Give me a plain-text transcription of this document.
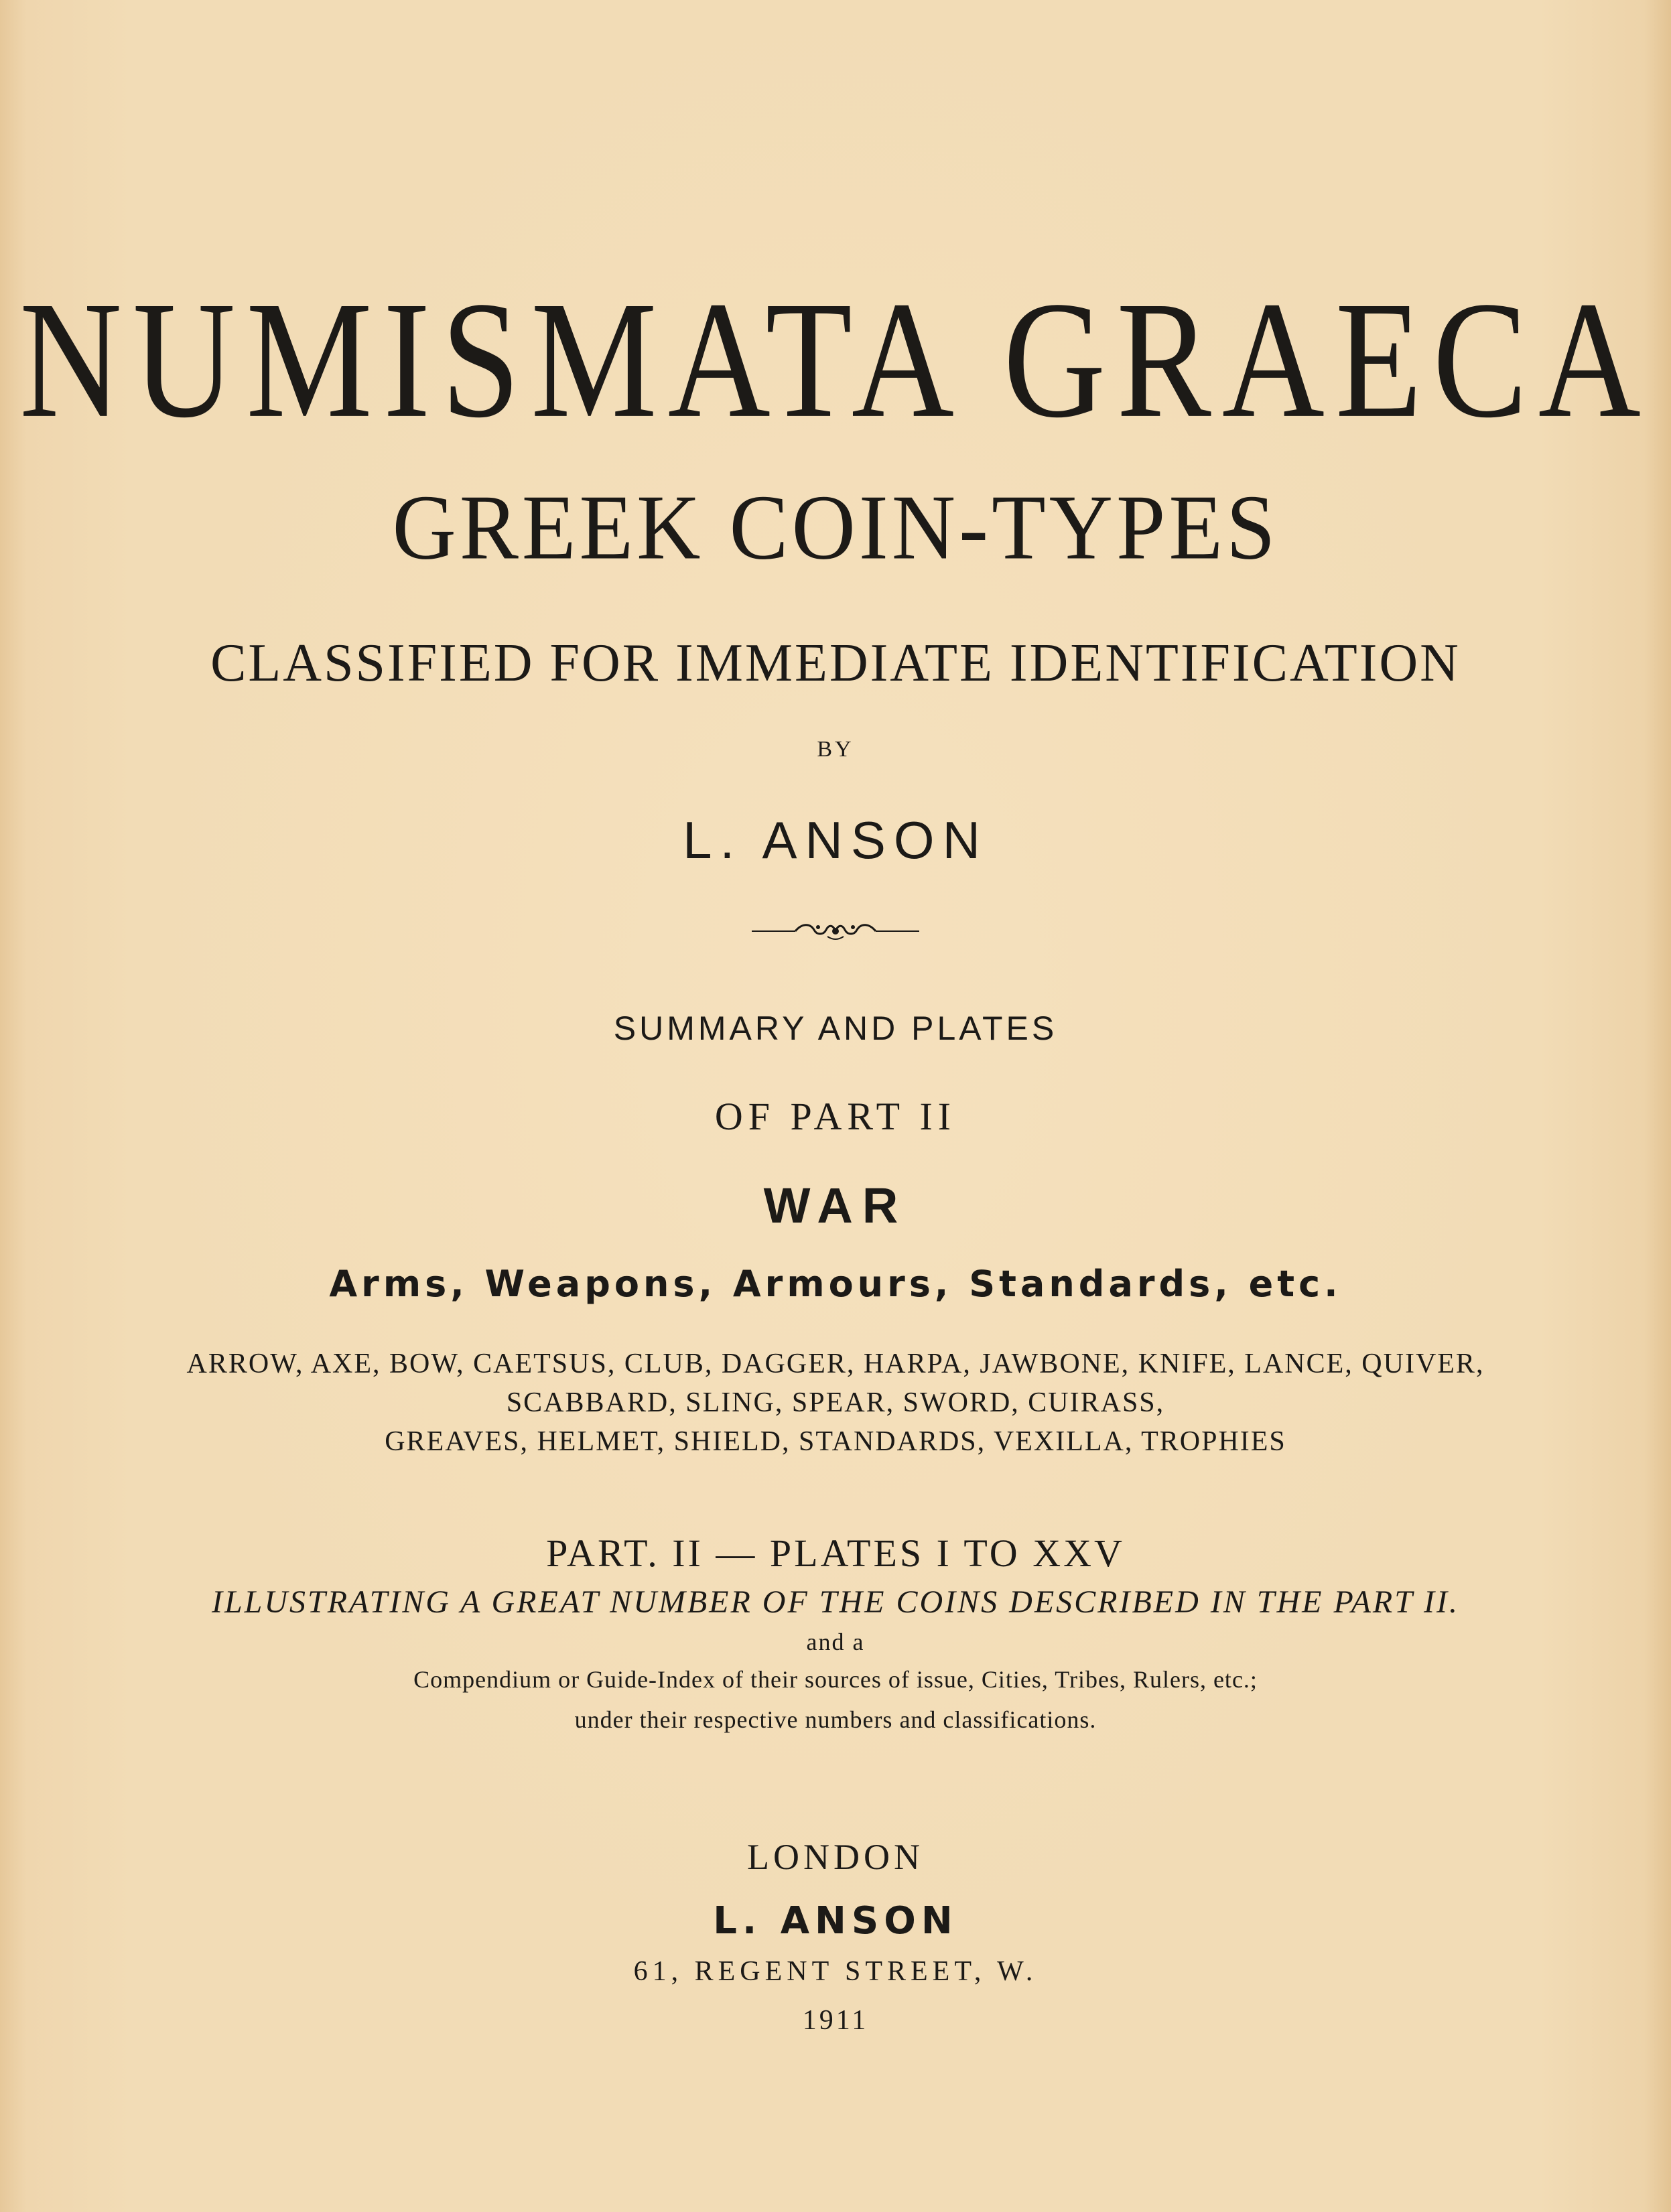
NUMISMATA GRAECA
GREEK COIN-TYPES
CLASSIFIED FOR IMMEDIATE IDENTIFICATION
BY
L. ANSON
SUMMARY AND PLATES
OF PART II
WAR
Arms, Weapons, Armours, Standards, etc.
ARROW, AXE, BOW, CAETSUS, CLUB, DAGGER, HARPA, JAWBONE, KNIFE, LANCE, QUIVER,
SCABBARD, SLING, SPEAR, SWORD, CUIRASS,
GREAVES, HELMET, SHIELD, STANDARDS, VEXILLA, TROPHIES
PART. II — PLATES I TO XXV
ILLUSTRATING A GREAT NUMBER OF THE COINS DESCRIBED IN THE PART II.
and a
Compendium or Guide-Index of their sources of issue, Cities, Tribes, Rulers, etc.;
under their respective numbers and classifications.
LONDON
L. ANSON
61, REGENT STREET, W.
1911
